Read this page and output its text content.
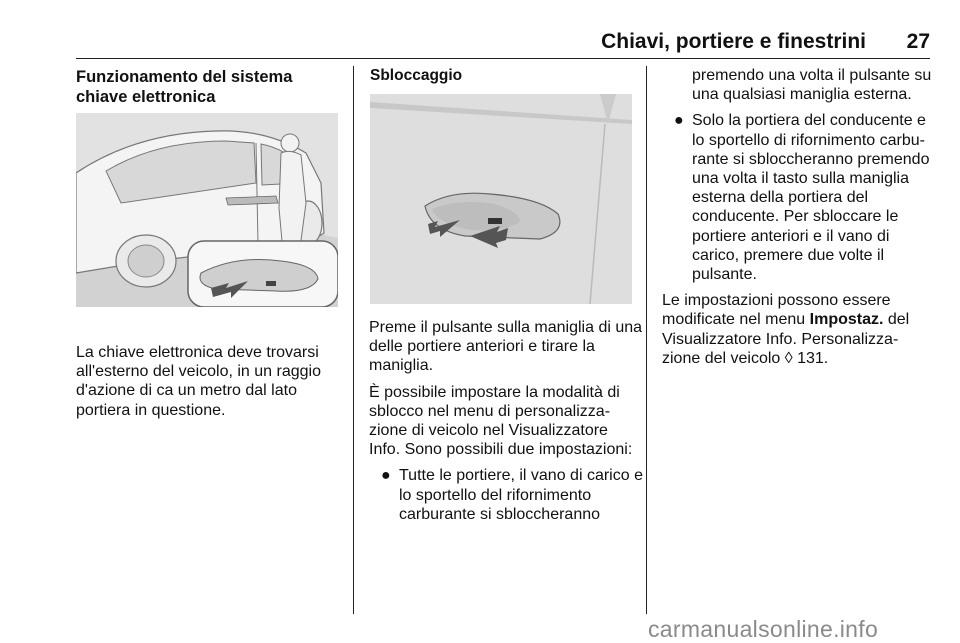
Chiavi, portiere e finestrini	27
Funzionamento del sistema chiave elettronica
La chiave elettronica deve trovarsi all'esterno del veicolo, in un raggio d'azione di ca un metro dal lato portiera in questione.
Sbloccaggio

Preme il pulsante sulla maniglia di una delle portiere anteriori e tirare la maniglia.

È possibile impostare la modalità di sblocco nel menu di personalizza-zione di veicolo nel Visualizzatore Info. Sono possibili due impostazioni:

● Tutte le portiere, il vano di carico e lo sportello del rifornimento carburante si sbloccheranno
premendo una volta il pulsante su una qualsiasi maniglia esterna.
● Solo la portiera del conducente e lo sportello di rifornimento carbu-rante si sbloccheranno premendo una volta il tasto sulla maniglia esterna della portiera del conducente. Per sbloccare le portiere anteriori e il vano di carico, premere due volte il pulsante.

Le impostazioni possono essere modificate nel menu Impostaz. del Visualizzatore Info. Personalizza-zione del veicolo ◊ 131.

carmanualsonline.info
